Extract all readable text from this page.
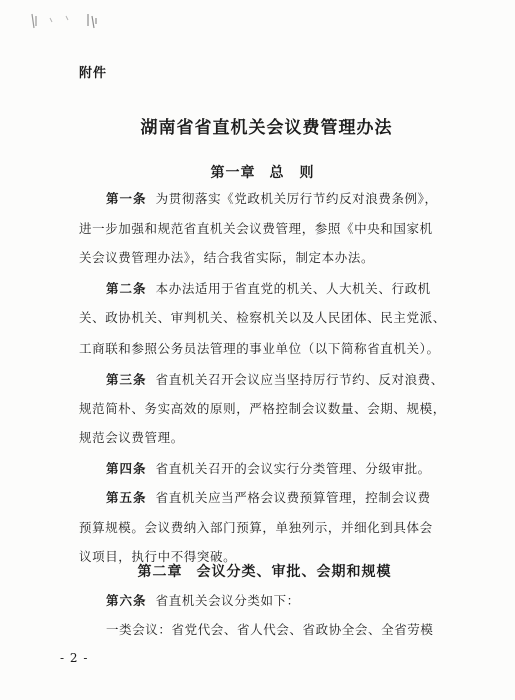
附件
湖南省省直机关会议费管理办法
第一章 总　则
第一条 为贯彻落实《党政机关厉行节约反对浪费条例》，
进一步加强和规范省直机关会议费管理，参照《中央和国家机
关会议费管理办法》，结合我省实际，制定本办法。
第二条 本办法适用于省直党的机关、人大机关、行政机
关、政协机关、审判机关、检察机关以及人民团体、民主党派、
工商联和参照公务员法管理的事业单位（以下简称省直机关）。
第三条 省直机关召开会议应当坚持厉行节约、反对浪费、
规范简朴、务实高效的原则，严格控制会议数量、会期、规模，
规范会议费管理。
第四条 省直机关召开的会议实行分类管理、分级审批。
第五条 省直机关应当严格会议费预算管理，控制会议费
预算规模。会议费纳入部门预算，单独列示，并细化到具体会
议项目，执行中不得突破。
第二章 会议分类、审批、会期和规模
第六条 省直机关会议分类如下：
一类会议：省党代会、省人代会、省政协全会、全省劳模
- 2 -
